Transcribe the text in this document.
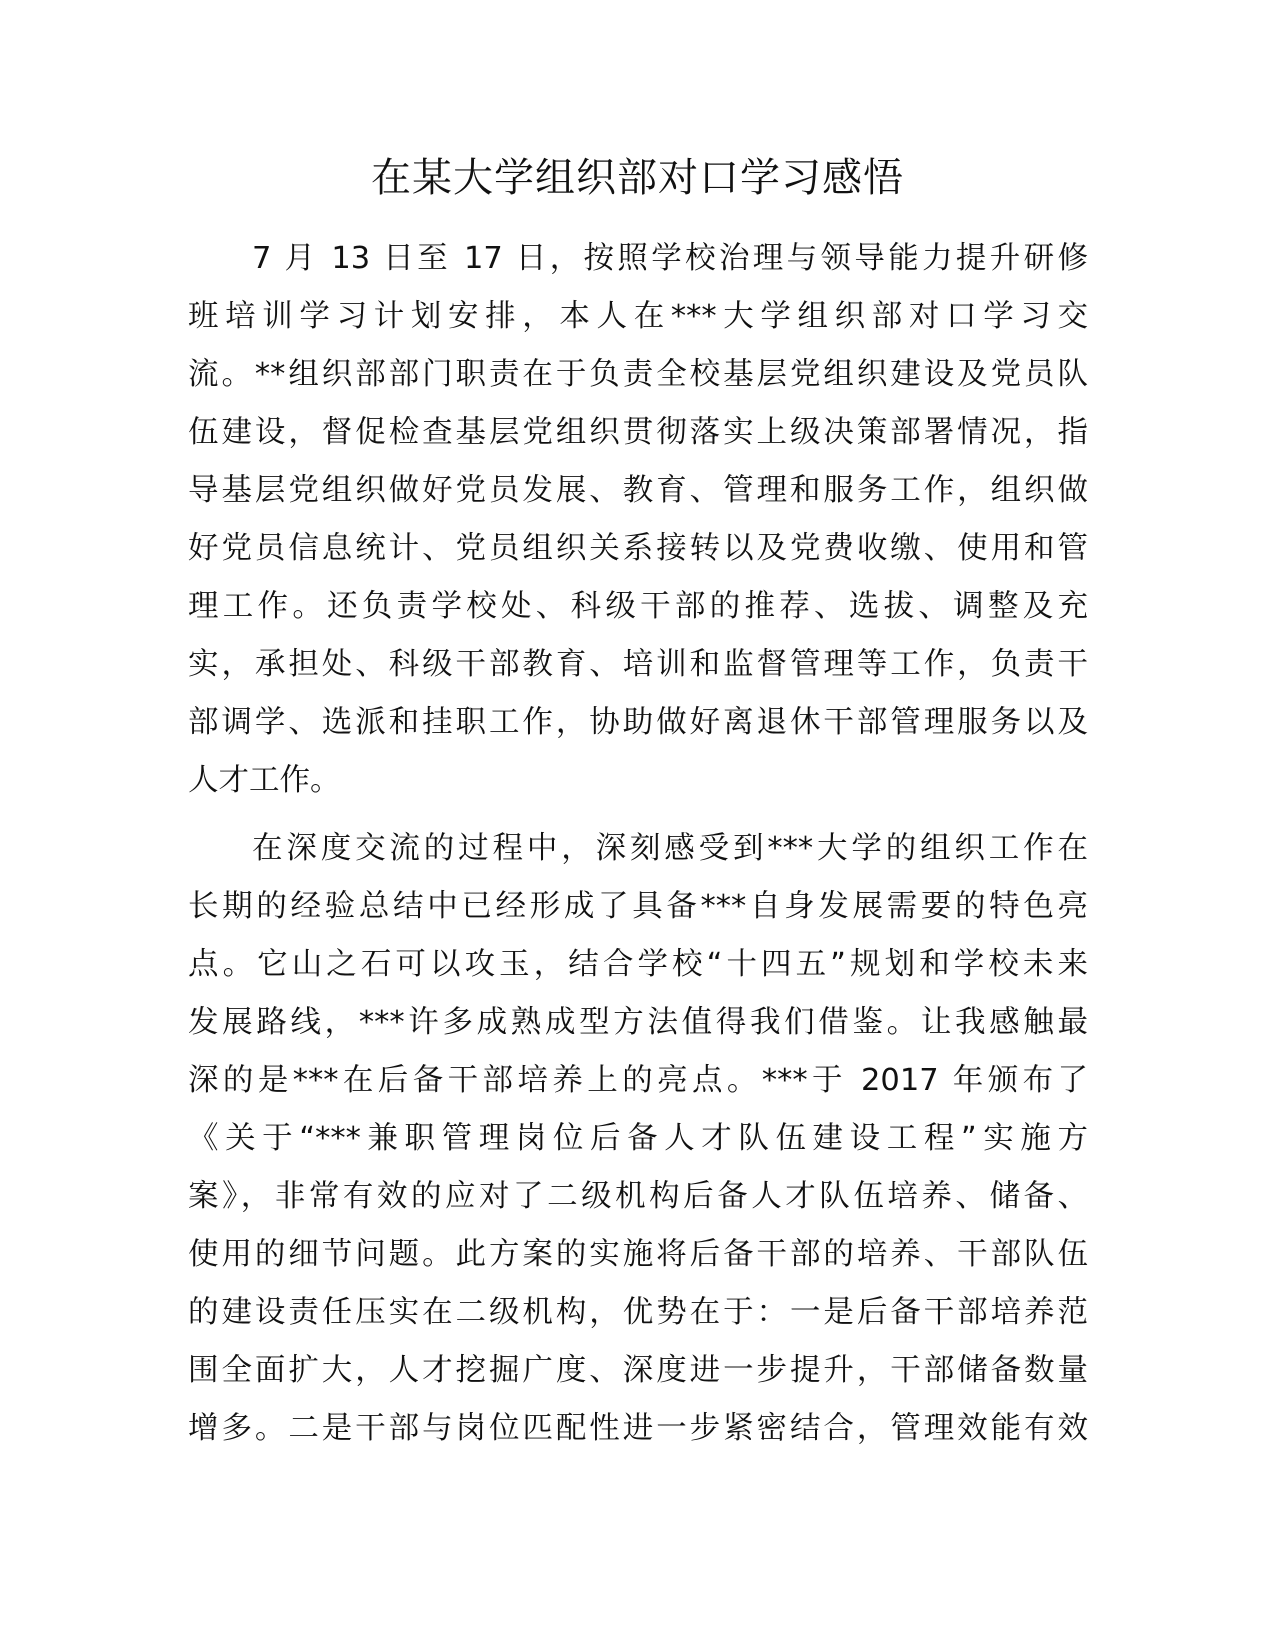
在某大学组织部对口学习感悟

7 月 13 日至 17 日，按照学校治理与领导能力提升研修
班培训学习计划安排，本人在***大学组织部对口学习交
流。**组织部部门职责在于负责全校基层党组织建设及党员队
伍建设，督促检查基层党组织贯彻落实上级决策部署情况，指
导基层党组织做好党员发展、教育、管理和服务工作，组织做
好党员信息统计、党员组织关系接转以及党费收缴、使用和管
理工作。还负责学校处、科级干部的推荐、选拔、调整及充
实，承担处、科级干部教育、培训和监督管理等工作，负责干
部调学、选派和挂职工作，协助做好离退休干部管理服务以及
人才工作。

在深度交流的过程中，深刻感受到***大学的组织工作在
长期的经验总结中已经形成了具备***自身发展需要的特色亮
点。它山之石可以攻玉，结合学校“十四五”规划和学校未来
发展路线，***许多成熟成型方法值得我们借鉴。让我感触最
深的是***在后备干部培养上的亮点。***于 2017 年颁布了
《关于“***兼职管理岗位后备人才队伍建设工程”实施方
案》，非常有效的应对了二级机构后备人才队伍培养、储备、
使用的细节问题。此方案的实施将后备干部的培养、干部队伍
的建设责任压实在二级机构，优势在于：一是后备干部培养范
围全面扩大，人才挖掘广度、深度进一步提升，干部储备数量
增多。二是干部与岗位匹配性进一步紧密结合，管理效能有效
